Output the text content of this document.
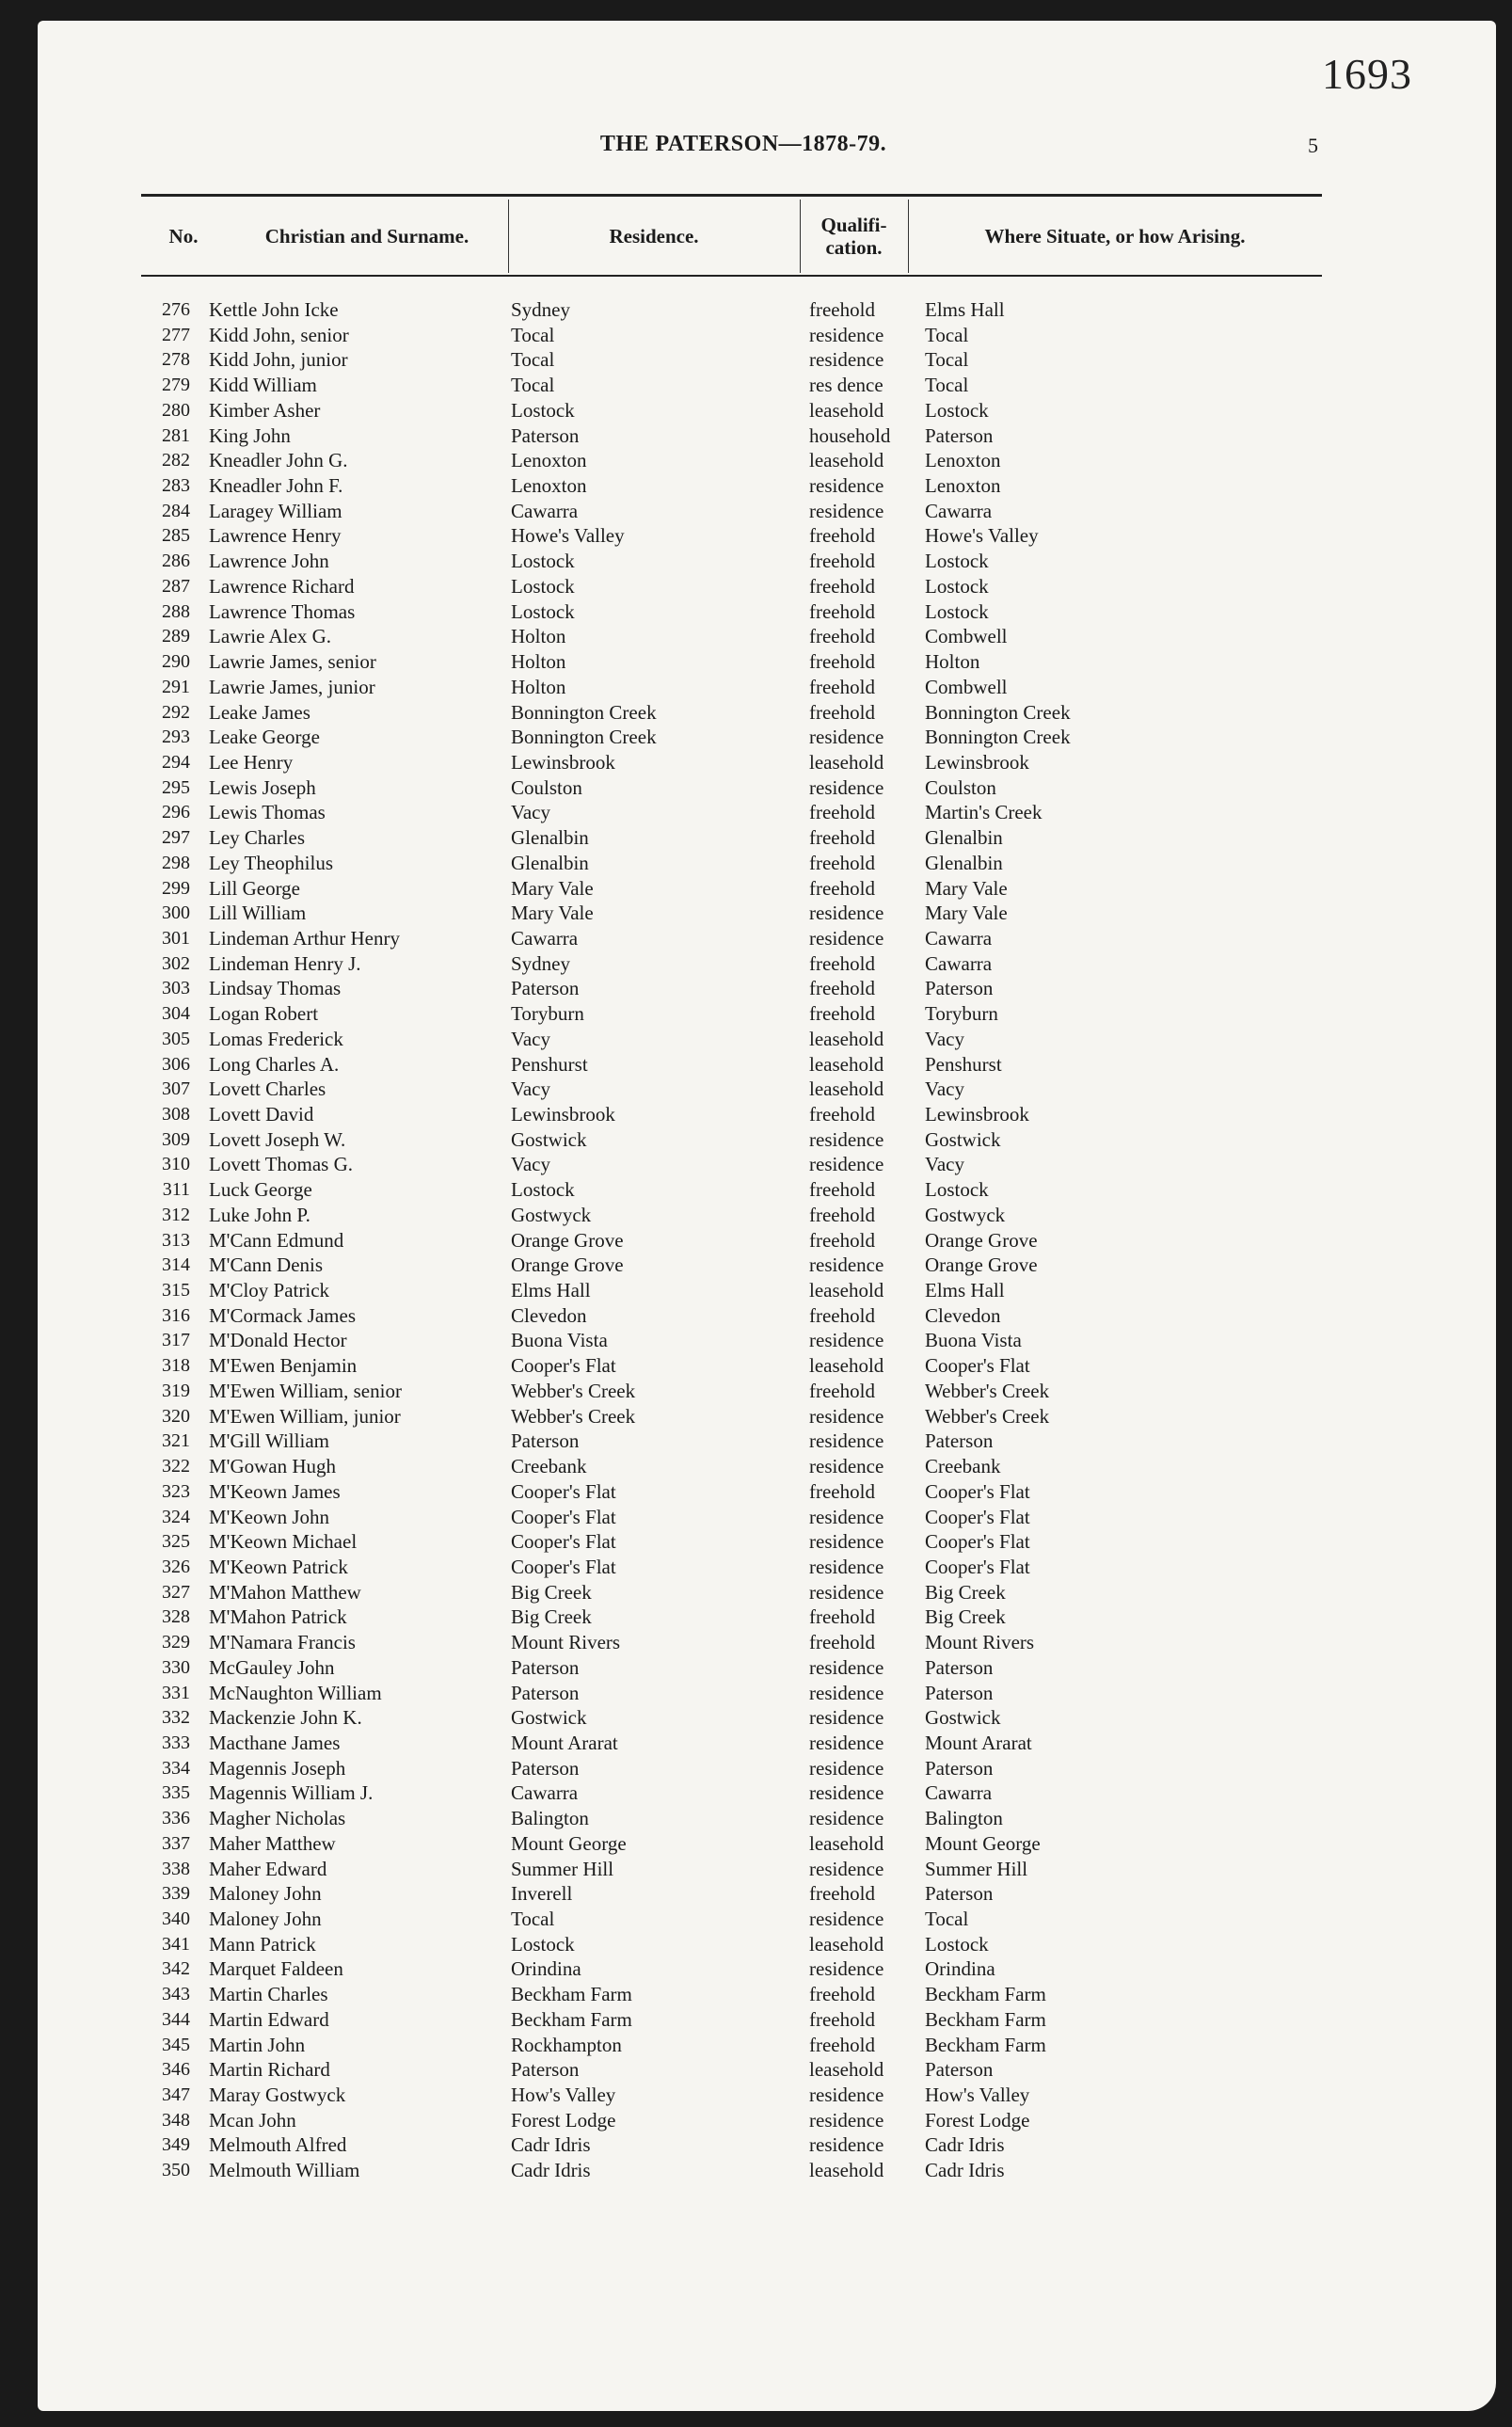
1693
THE PATERSON—1878-79.	5
No.	Christian and Surname.	Residence.	Qualifi-
cation.	Where Situate, or how Arising.
276 Kettle John Icke	Sydney	freehold	Elms Hall
277 Kidd John, senior	Tocal	residence Tocal
278 Kidd John, junior	Tocal	residence Tocal
279 Kidd William	Tocal	res dence Tocal
280 Kimber Asher	Lostock	leasehold Lostock
281 King John	Paterson	household Paterson
282 Kneadler John G.	Lenoxton	leasehold Lenoxton
283 Kneadler John F.	Lenoxton	residence Lenoxton
284 Laragey William	Cawarra	residence Cawarra
285 Lawrence Henry	Howe's Valley	freehold	Howe's Valley
286 Lawrence John	Lostock	freehold	Lostock
287 Lawrence Richard	Lostock	freehold	Lostock
288 Lawrence Thomas	Lostock	freehold	Lostock
289 Lawrie Alex G.	Holton	freehold	Combwell
290 Lawrie James, senior	Holton	freehold	Holton
291 Lawrie James, junior	Holton	freehold	Combwell
292 Leake James	Bonnington Creek	freehold	Bonnington Creek
293 Leake George	Bonnington Creek	residence Bonnington Creek
294 Lee Henry	Lewinsbrook	leasehold Lewinsbrook
295 Lewis Joseph	Coulston	residence Coulston
296 Lewis Thomas	Vacy	freehold	Martin's Creek
297 Ley Charles	Glenalbin	freehold	Glenalbin
298 Ley Theophilus	Glenalbin	freehold	Glenalbin
299 Lill George	Mary Vale	freehold	Mary Vale
300 Lill William	Mary Vale	residence Mary Vale
301 Lindeman Arthur Henry	Cawarra	residence Cawarra
302 Lindeman Henry J.	Sydney	freehold	Cawarra
303 Lindsay Thomas	Paterson	freehold	Paterson
304 Logan Robert	Toryburn	freehold	Toryburn
305 Lomas Frederick	Vacy	leasehold Vacy
306 Long Charles A.	Penshurst	leasehold Penshurst
307 Lovett Charles	Vacy	leasehold Vacy
308 Lovett David	Lewinsbrook	freehold	Lewinsbrook
309 Lovett Joseph W.	Gostwick	residence Gostwick
310 Lovett Thomas G.	Vacy	residence Vacy
311 Luck George	Lostock	freehold	Lostock
312 Luke John P.	Gostwyck	freehold	Gostwyck
313 M'Cann Edmund	Orange Grove	freehold	Orange Grove
314 M'Cann Denis	Orange Grove	residence Orange Grove
315 M'Cloy Patrick	Elms Hall	leasehold Elms Hall
316 M'Cormack James	Clevedon	freehold	Clevedon
317 M'Donald Hector	Buona Vista	residence Buona Vista
318 M'Ewen Benjamin	Cooper's Flat	leasehold Cooper's Flat
319 M'Ewen William, senior	Webber's Creek	freehold	Webber's Creek
320 M'Ewen William, junior	Webber's Creek	residence Webber's Creek
321 M'Gill William	Paterson	residence Paterson
322 M'Gowan Hugh	Creebank	residence Creebank
323 M'Keown James	Cooper's Flat	freehold	Cooper's Flat
324 M'Keown John	Cooper's Flat	residence Cooper's Flat
325 M'Keown Michael	Cooper's Flat	residence Cooper's Flat
326 M'Keown Patrick	Cooper's Flat	residence Cooper's Flat
327 M'Mahon Matthew	Big Creek	residence Big Creek
328 M'Mahon Patrick	Big Creek	freehold	Big Creek
329 M'Namara Francis	Mount Rivers	freehold	Mount Rivers
330 McGauley John	Paterson	residence Paterson
331 McNaughton William	Paterson	residence Paterson
332 Mackenzie John K.	Gostwick	residence Gostwick
333 Macthane James	Mount Ararat	residence Mount Ararat
334 Magennis Joseph	Paterson	residence Paterson
335 Magennis William J.	Cawarra	residence Cawarra
336 Magher Nicholas	Balington	residence Balington
337 Maher Matthew	Mount George	leasehold Mount George
338 Maher Edward	Summer Hill	residence Summer Hill
339 Maloney John	Inverell	freehold	Paterson
340 Maloney John	Tocal	residence Tocal
341 Mann Patrick	Lostock	leasehold Lostock
342 Marquet Faldeen	Orindina	residence Orindina
343 Martin Charles	Beckham Farm	freehold	Beckham Farm
344 Martin Edward	Beckham Farm	freehold	Beckham Farm
345 Martin John	Rockhampton	freehold	Beckham Farm
346 Martin Richard	Paterson	leasehold Paterson
347 Maray Gostwyck	How's Valley	residence How's Valley
348 Mcan John	Forest Lodge	residence Forest Lodge
349 Melmouth Alfred	Cadr Idris	residence Cadr Idris
350 Melmouth William	Cadr Idris	leasehold Cadr Idris
